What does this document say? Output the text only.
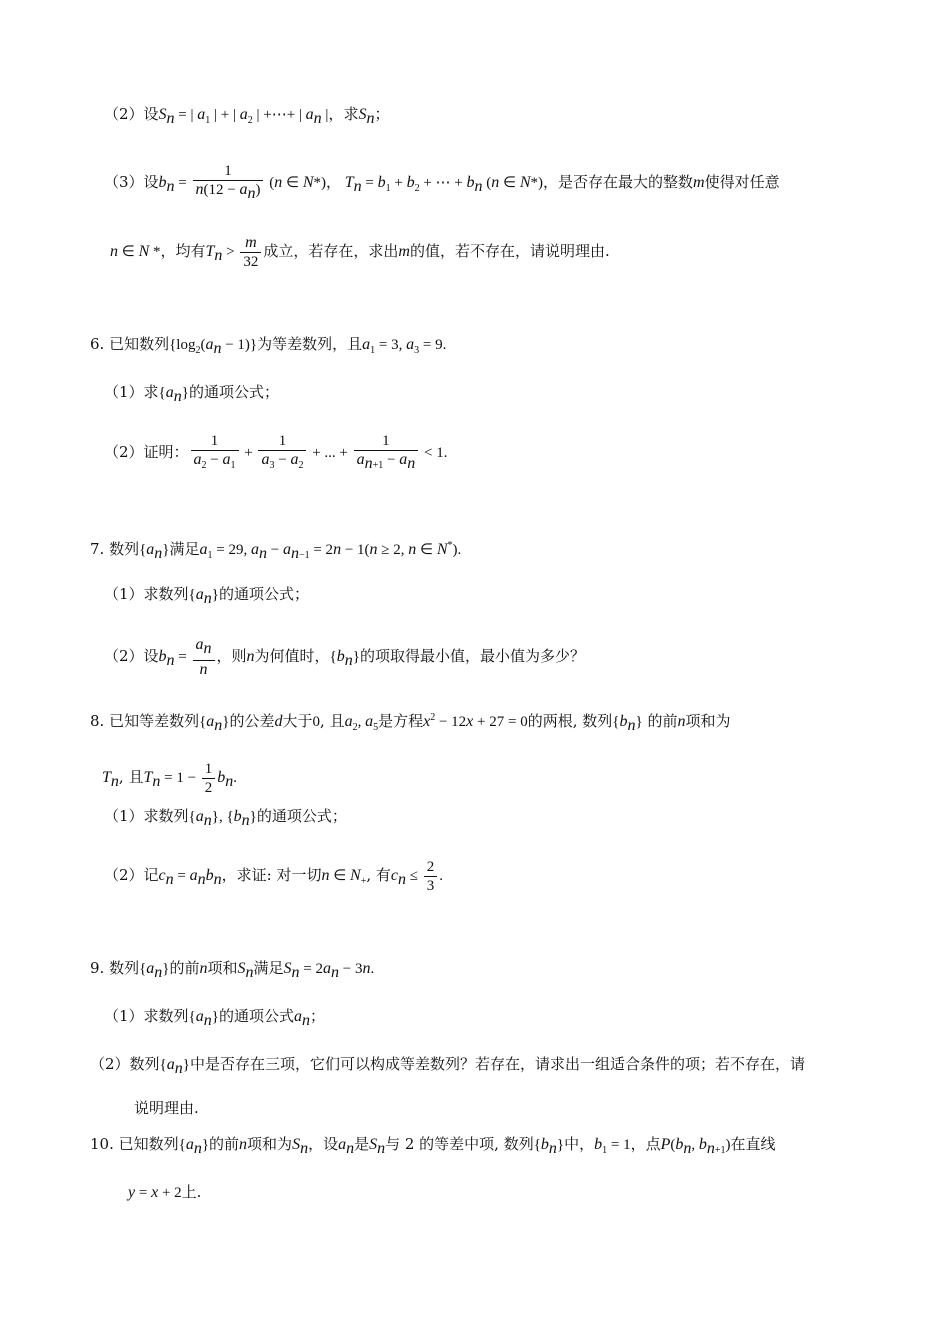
（2）设$S_n$ = | $a_1$ | + | $a_2$ | +⋯+ | $a_n$ |，求$S_n$；
（3）设$b_n = \frac{1}{n(12 - a_n)} (n$ ∈ N*)， $T_n = b_1 + b_2$ + ⋯ + $b_n$ (n ∈ N*)，是否存在最大的整数m使得对任意
n ∈ N *，均有$T_n > \frac{m}{32}$ 成立，若存在，求出m的值，若不存在，请说明理由.
6. 已知数列$\{\log_2(a_n - 1)\}$为等差数列，且$a_1 = 3$, $a_3 = 9$.
（1）求$\{a_n\}$的通项公式；
（2）证明： $\frac{1}{a_2 - a_1} + \frac{1}{a_3 - a_2}$ + ... + $\frac{1}{a_{n+1} - a_n} < 1$.
7. 数列$\{a_n\}$满足$a_1 = 29$, $a_n - a_{n-1} = 2n - 1(n \ge 2$, n ∈ N*).
（1）求数列$\{a_n\}$的通项公式；
（2）设$b_n = \frac{a_n}{n}$ ，则n为何值时，$\{b_n\}$的项取得最小值，最小值为多少？
8. 已知等差数列$\{a_n\}$的公差d大于0, 且$a_2$, $a_5$是方程$x^2 - 12x + 27 = 0$的两根, 数列$\{b_n\}$ 的前n项和为
$T_n$, 且$T_n = 1 - \frac{1}{2} b_n$.
（1）求数列$\{a_n\}$, $\{b_n\}$的通项公式；
（2）记$c_n = a_nb_n$，求证: 对一切n ∈ $N_+$, 有$c_n \le \frac{2}{3}$ .
9. 数列$\{a_n\}$的前n项和$S_n$满足$S_n = 2a_n - 3n$.
（1）求数列$\{a_n\}$的通项公式$a_n$；
（2）数列$\{a_n\}$中是否存在三项，它们可以构成等差数列？若存在，请求出一组适合条件的项；若不存在，请
说明理由.
10. 已知数列$\{a_n\}$的前n项和为$S_n$，设$a_n$是$S_n$与 2 的等差中项, 数列$\{b_n\}$中，$b_1 = 1$，点$P(b_n$, $b_{n+1}$)在直线
y = x + 2上.
